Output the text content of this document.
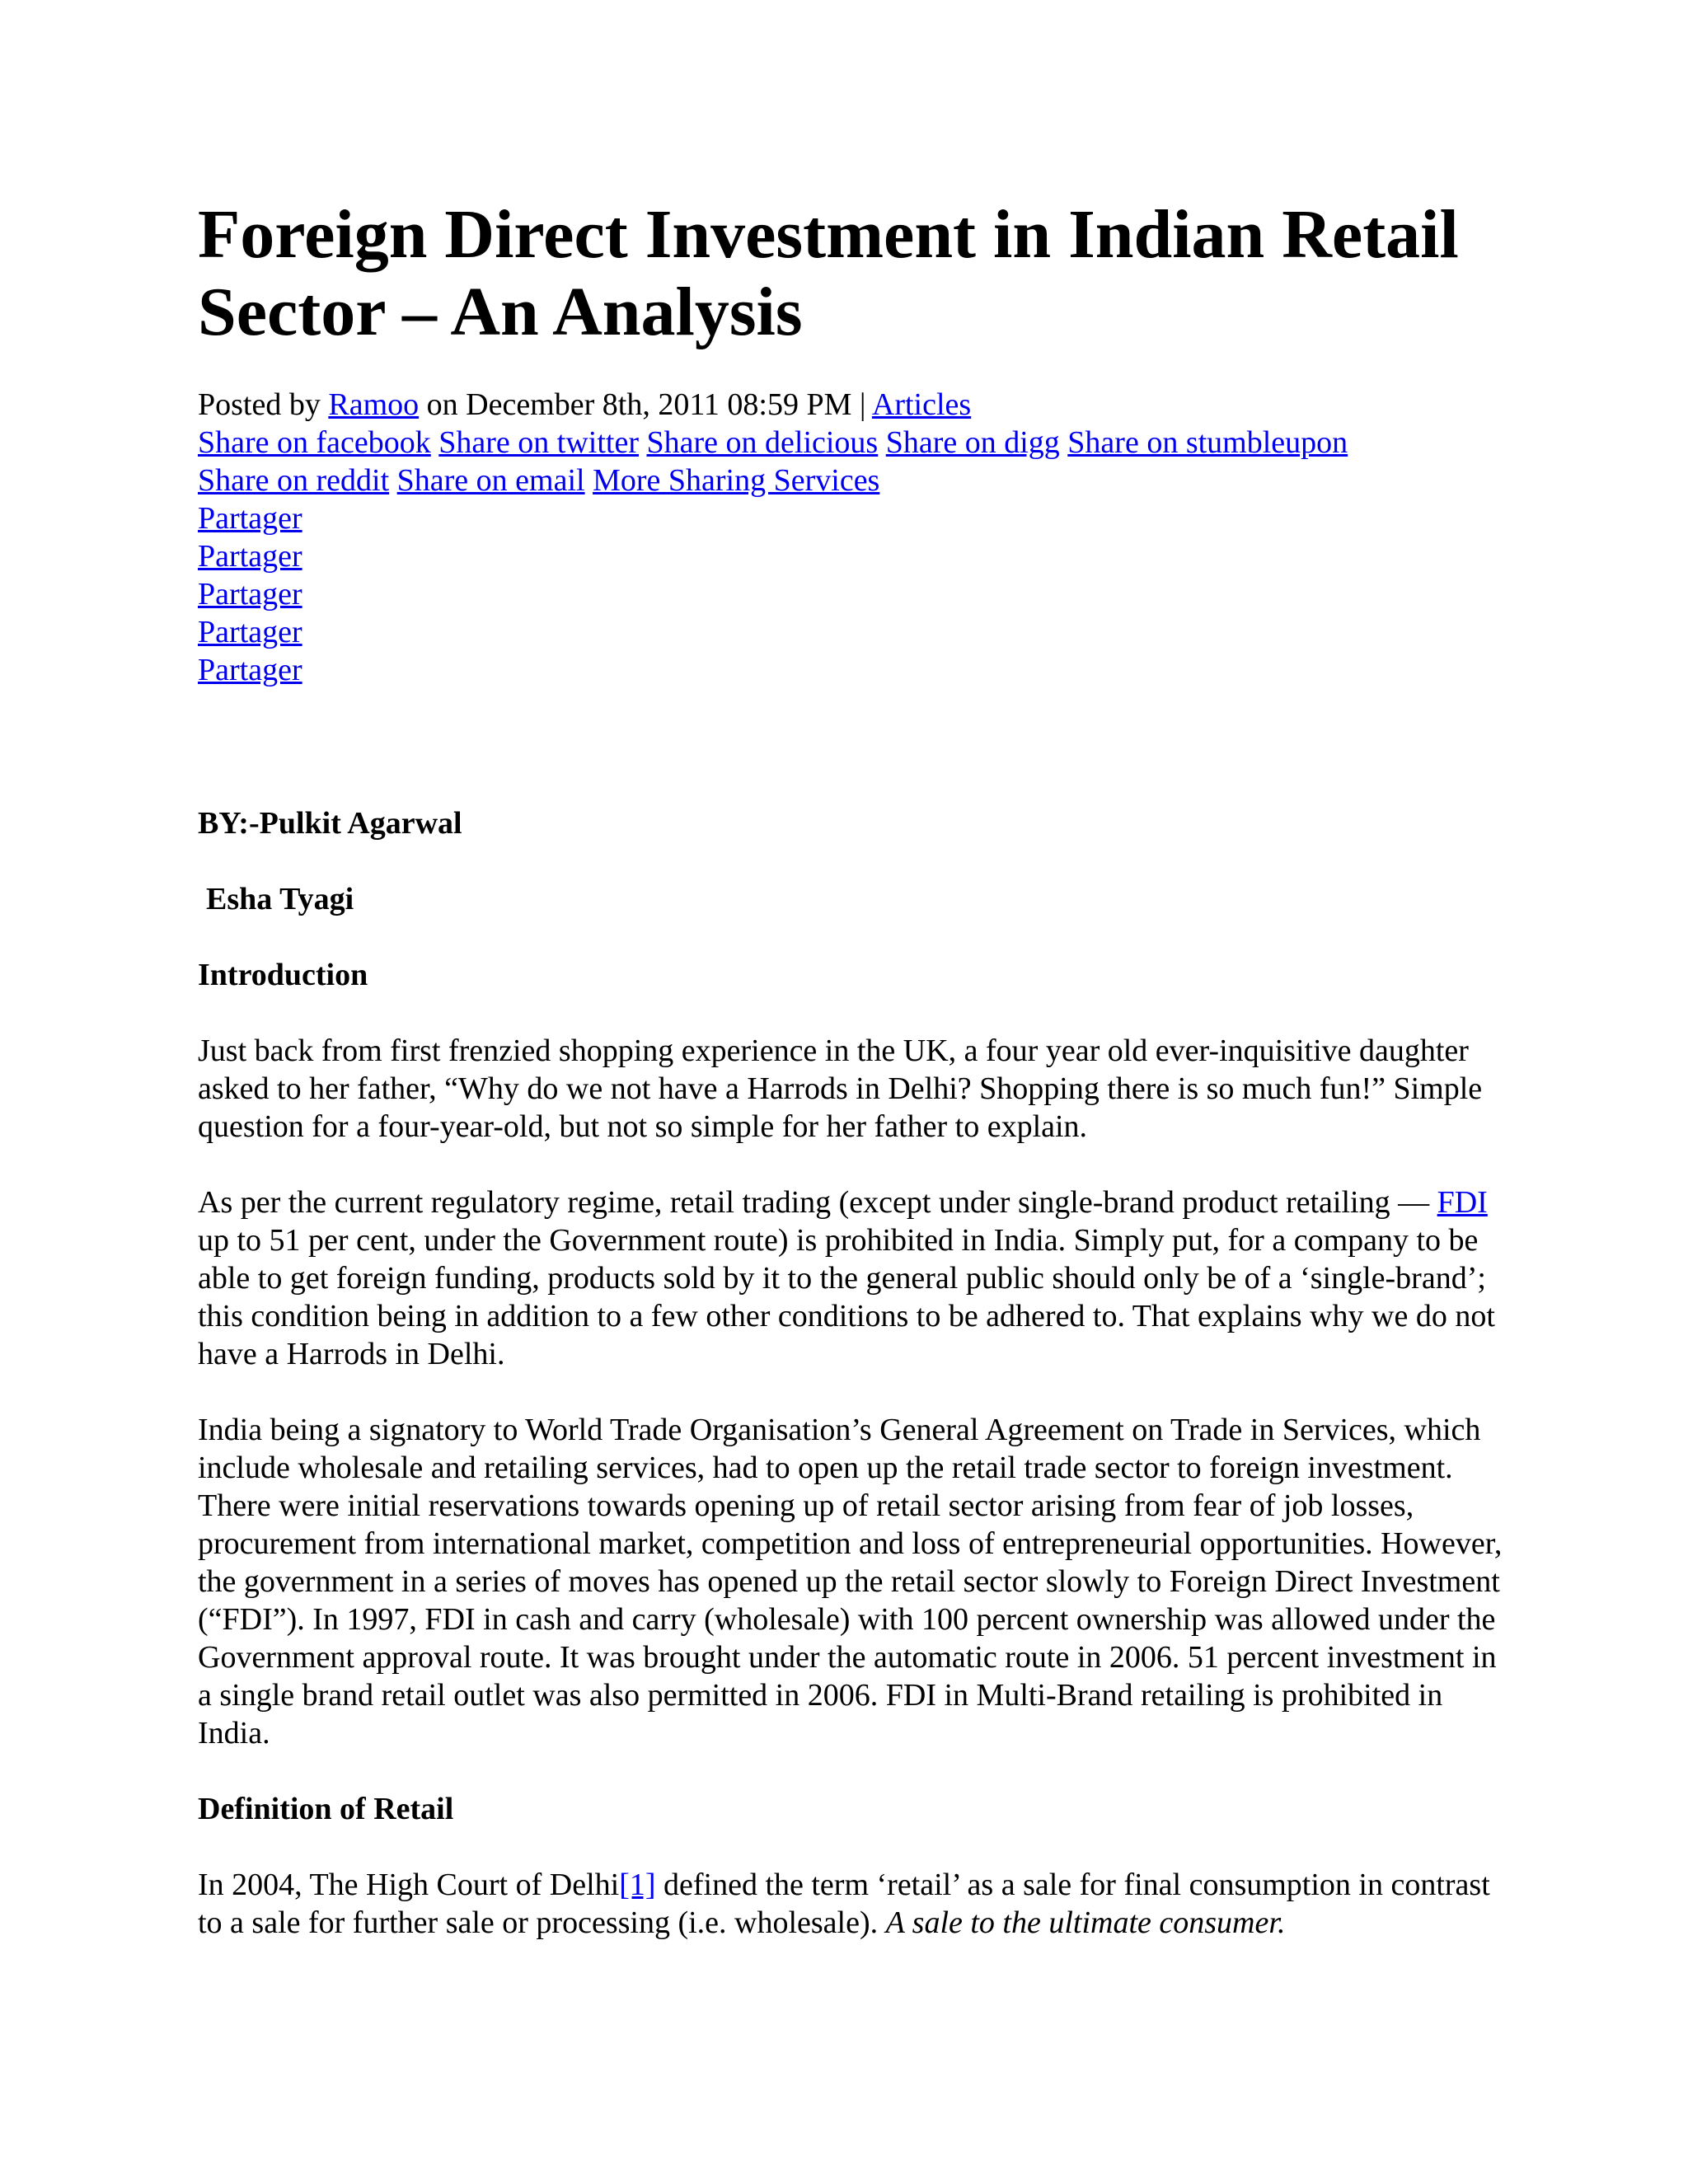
Foreign Direct Investment in Indian Retail Sector – An Analysis
Posted by Ramoo on December 8th, 2011 08:59 PM | Articles
Share on facebook Share on twitter Share on delicious Share on digg Share on stumbleupon
Share on reddit Share on email More Sharing Services
Partager
Partager
Partager
Partager
Partager
BY:-Pulkit Agarwal
Esha Tyagi
Introduction

Just back from first frenzied shopping experience in the UK, a four year old ever-inquisitive daughter asked to her father, “Why do we not have a Harrods in Delhi? Shopping there is so much fun!” Simple question for a four-year-old, but not so simple for her father to explain.

As per the current regulatory regime, retail trading (except under single-brand product retailing — FDI up to 51 per cent, under the Government route) is prohibited in India. Simply put, for a company to be able to get foreign funding, products sold by it to the general public should only be of a ‘single-brand’; this condition being in addition to a few other conditions to be adhered to. That explains why we do not have a Harrods in Delhi.

India being a signatory to World Trade Organisation’s General Agreement on Trade in Services, which include wholesale and retailing services, had to open up the retail trade sector to foreign investment. There were initial reservations towards opening up of retail sector arising from fear of job losses, procurement from international market, competition and loss of entrepreneurial opportunities. However, the government in a series of moves has opened up the retail sector slowly to Foreign Direct Investment (“FDI”). In 1997, FDI in cash and carry (wholesale) with 100 percent ownership was allowed under the Government approval route. It was brought under the automatic route in 2006. 51 percent investment in a single brand retail outlet was also permitted in 2006. FDI in Multi-Brand retailing is prohibited in India.

Definition of Retail

In 2004, The High Court of Delhi[1] defined the term ‘retail’ as a sale for final consumption in contrast to a sale for further sale or processing (i.e. wholesale). A sale to the ultimate consumer.
